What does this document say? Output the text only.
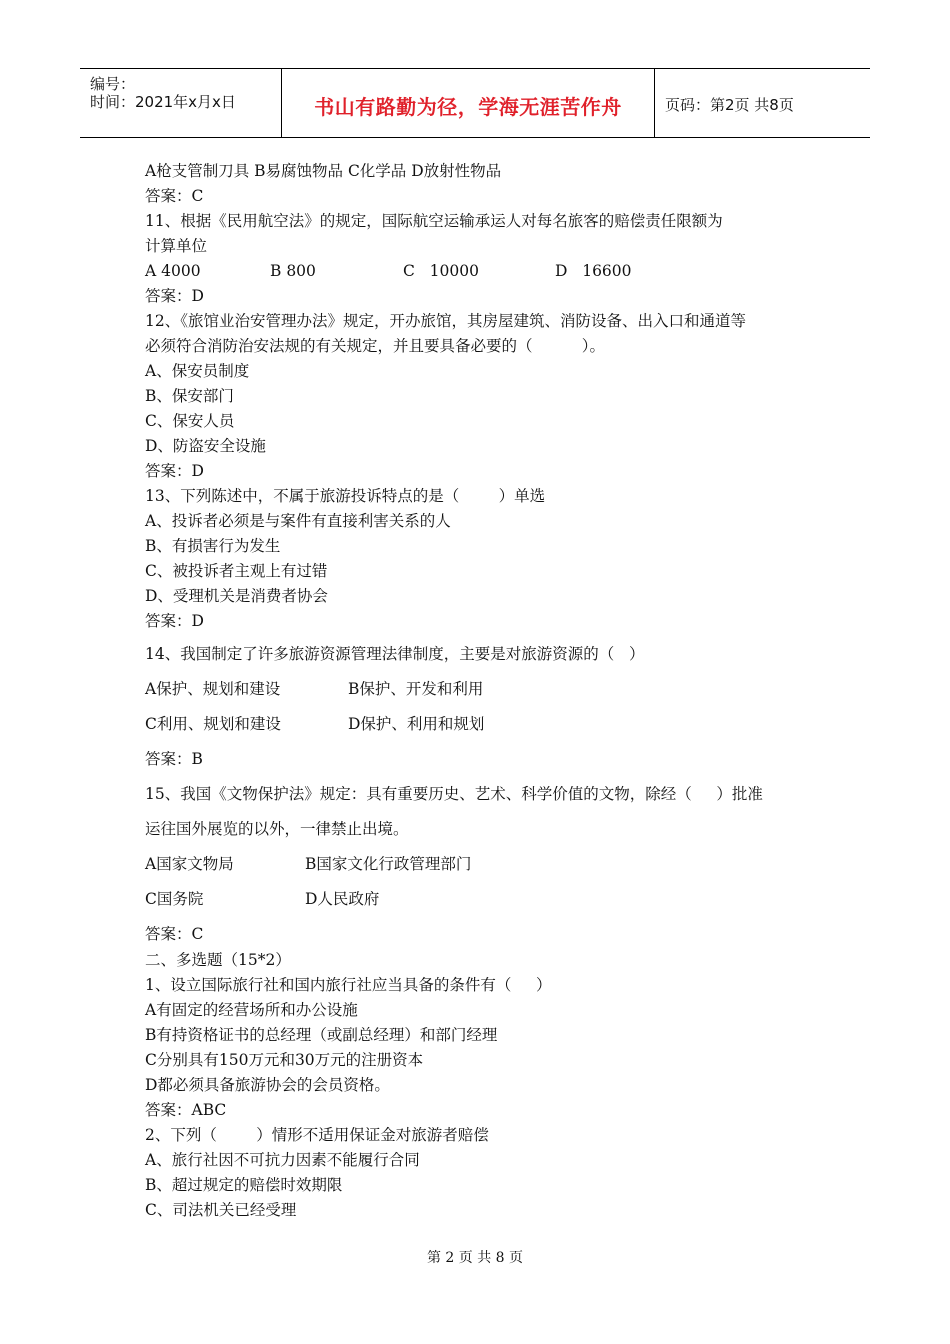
编号：
时间：2021年x月x日	书山有路勤为径，学海无涯苦作舟	页码：第2页 共8页
A枪支管制刀具 B易腐蚀物品 C化学品 D放射性物品
答案：C
11、根据《民用航空法》的规定，国际航空运输承运人对每名旅客的赔偿责任限额为
计算单位
A 4000	B 800	C   10000	D   16600
答案：D
12、《旅馆业治安管理办法》规定，开办旅馆，其房屋建筑、消防设备、出入口和通道等
必须符合消防治安法规的有关规定，并且要具备必要的（          ）。
A、保安员制度
B、保安部门
C、保安人员
D、防盗安全设施
答案：D
13、下列陈述中，不属于旅游投诉特点的是（        ）单选
A、投诉者必须是与案件有直接利害关系的人
B、有损害行为发生
C、被投诉者主观上有过错
D、受理机关是消费者协会
答案：D
14、我国制定了许多旅游资源管理法律制度，主要是对旅游资源的（   ）
A保护、规划和建设	B保护、开发和利用
C利用、规划和建设	D保护、利用和规划
答案：B
15、我国《文物保护法》规定：具有重要历史、艺术、科学价值的文物，除经（     ）批准
运往国外展览的以外，一律禁止出境。
A国家文物局	B国家文化行政管理部门
C国务院	D人民政府
答案：C
二、多选题（15*2）
1、设立国际旅行社和国内旅行社应当具备的条件有（     ）
A有固定的经营场所和办公设施
B有持资格证书的总经理（或副总经理）和部门经理
C分别具有150万元和30万元的注册资本
D都必须具备旅游协会的会员资格。
答案：ABC
2、下列（        ）情形不适用保证金对旅游者赔偿
A、旅行社因不可抗力因素不能履行合同
B、超过规定的赔偿时效期限
C、司法机关已经受理
第 2 页 共 8 页
